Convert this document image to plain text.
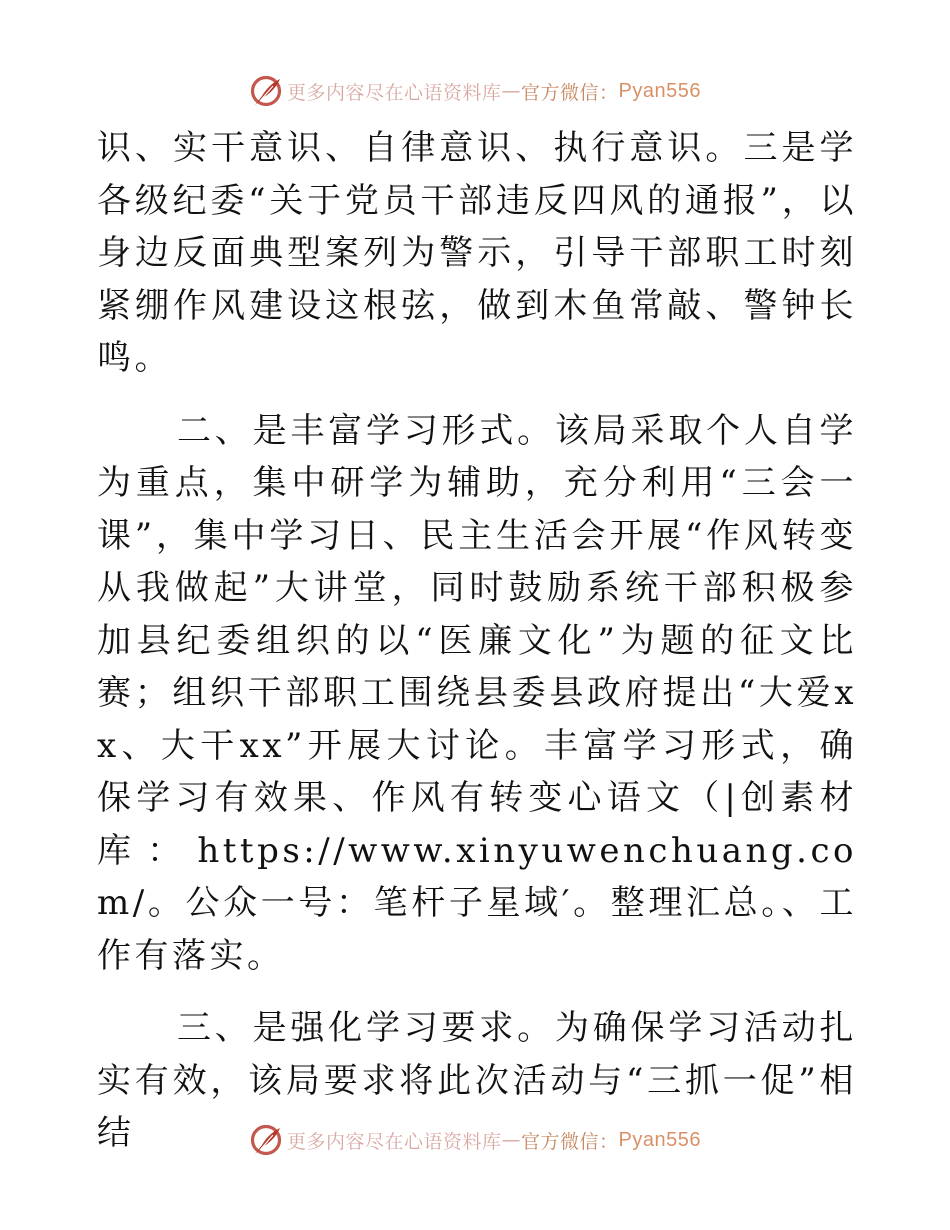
更多内容尽在心语资料库 — 官方微信： Pyan556

识、实干意识、自律意识、执行意识。三是学各级纪委“关于党员干部违反四风的通报”，以身边反面典型案列为警示，引导干部职工时刻紧绷作风建设这根弦，做到木鱼常敲、警钟长鸣。

二、是丰富学习形式。该局采取个人自学为重点，集中研学为辅助，充分利用“三会一课”，集中学习日、民主生活会开展“作风转变从我做起”大讲堂，同时鼓励系统干部积极参加县纪委组织的以“医廉文化”为题的征文比赛；组织干部职工围绕县委县政府提出“大爱xx、大干xx”开展大讨论。丰富学习形式，确保学习有效果、作风有转变心语文（|创素材库：https://www.xinyuwenchuang.com/。公众一号：笔杆子星域′。整理汇总。、工作有落实。

三、是强化学习要求。为确保学习活动扎实有效，该局要求将此次活动与“三抓一促”相结	更多内容尽在心语资料库 — 官方微信： Pyan556
